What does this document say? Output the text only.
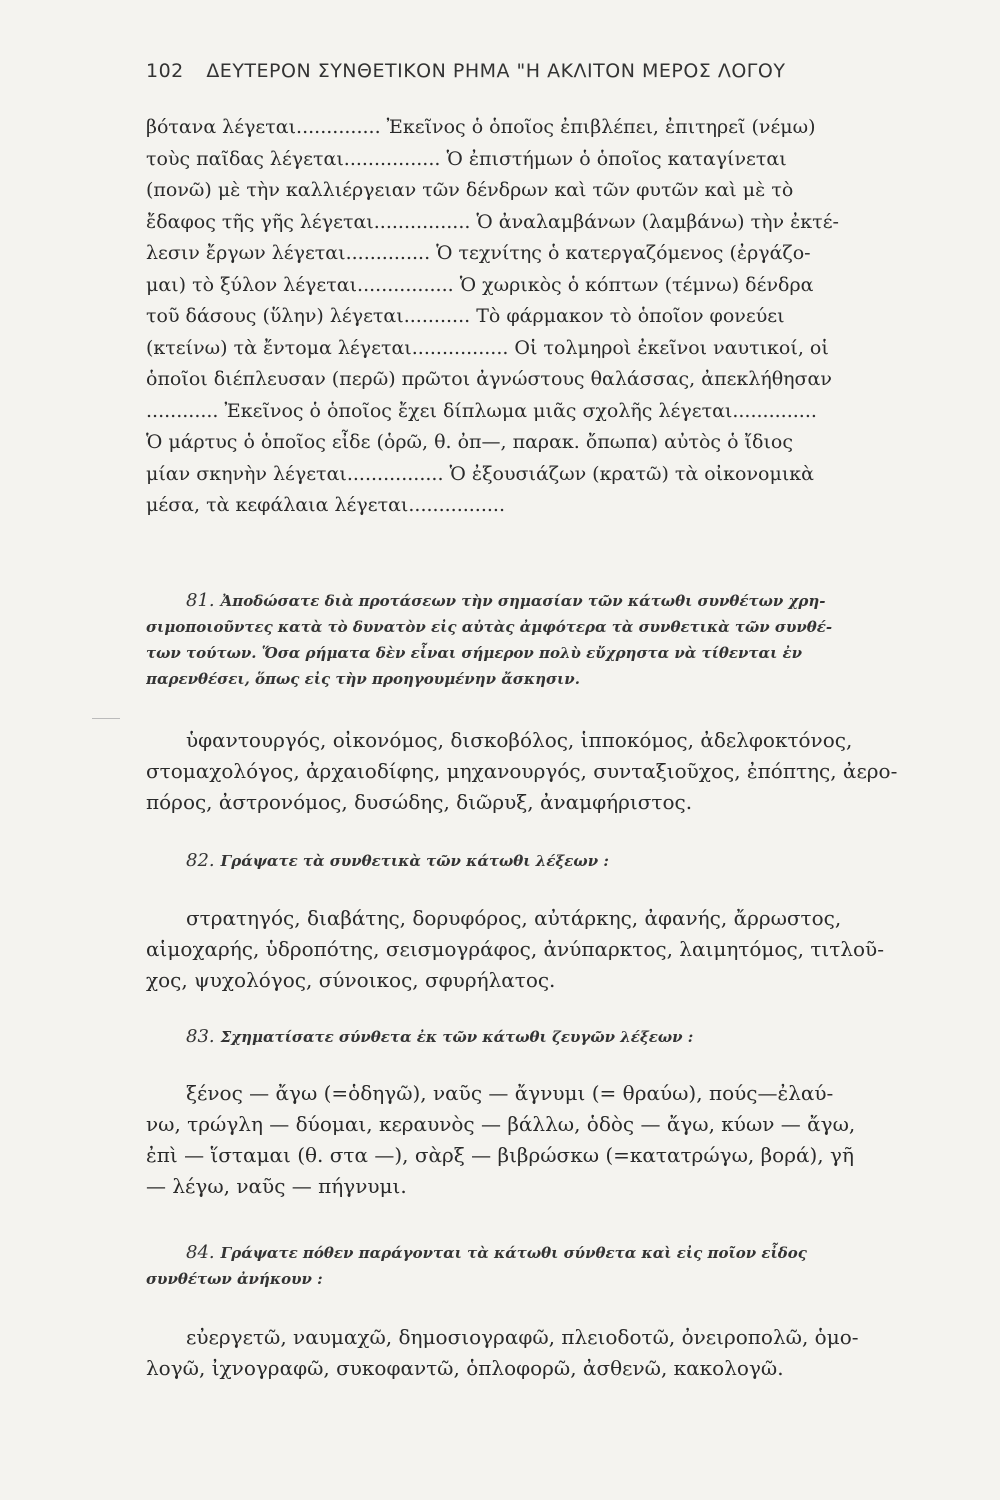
102 ΔΕΥΤΕΡΟΝ ΣΥΝΘΕΤΙΚΟΝ ΡΗΜΑ "Η ΑΚΛΙΤΟΝ ΜΕΡΟΣ ΛΟΓΟΥ
βότανα λέγεται.............. Ἐκεῖνος ὁ ὁποῖος ἐπιβλέπει, ἐπιτηρεῖ (νέμω)
τοὺς παῖδας λέγεται................ Ὁ ἐπιστήμων ὁ ὁποῖος καταγίνεται
(πονῶ) μὲ τὴν καλλιέργειαν τῶν δένδρων καὶ τῶν φυτῶν καὶ μὲ τὸ
ἔδαφος τῆς γῆς λέγεται................ Ὁ ἀναλαμβάνων (λαμβάνω) τὴν ἐκτέ-
λεσιν ἔργων λέγεται.............. Ὁ τεχνίτης ὁ κατεργαζόμενος (ἐργάζο-
μαι) τὸ ξύλον λέγεται................ Ὁ χωρικὸς ὁ κόπτων (τέμνω) δένδρα
τοῦ δάσους (ὕλην) λέγεται........... Τὸ φάρμακον τὸ ὁποῖον φονεύει
(κτείνω) τὰ ἔντομα λέγεται................ Οἱ τολμηροὶ ἐκεῖνοι ναυτικοί, οἱ
ὁποῖοι διέπλευσαν (περῶ) πρῶτοι ἀγνώστους θαλάσσας, ἀπεκλήθησαν
............ Ἐκεῖνος ὁ ὁποῖος ἔχει δίπλωμα μιᾶς σχολῆς λέγεται..............
Ὁ μάρτυς ὁ ὁποῖος εἶδε (ὁρῶ, θ. ὀπ—, παρακ. ὄπωπα) αὐτὸς ὁ ἴδιος
μίαν σκηνὴν λέγεται................ Ὁ ἐξουσιάζων (κρατῶ) τὰ οἰκονομικὰ
μέσα, τὰ κεφάλαια λέγεται................
81. Ἀποδώσατε διὰ προτάσεων τὴν σημασίαν τῶν κάτωθι συνθέτων χρη-
σιμοποιοῦντες κατὰ τὸ δυνατὸν εἰς αὐτὰς ἀμφότερα τὰ συνθετικὰ τῶν συνθέ-
των τούτων. Ὅσα ρήματα δὲν εἶναι σήμερον πολὺ εὔχρηστα νὰ τίθενται ἐν
παρενθέσει, ὅπως εἰς τὴν προηγουμένην ἄσκησιν.
ὑφαντουργός, οἰκονόμος, δισκοβόλος, ἱπποκόμος, ἀδελφοκτόνος,
στομαχολόγος, ἀρχαιοδίφης, μηχανουργός, συνταξιοῦχος, ἐπόπτης, ἀερο-
πόρος, ἀστρονόμος, δυσώδης, διῶρυξ, ἀναμφήριστος.
82. Γράψατε τὰ συνθετικὰ τῶν κάτωθι λέξεων :
στρατηγός, διαβάτης, δορυφόρος, αὐτάρκης, ἀφανής, ἄρρωστος,
αἱμοχαρής, ὑδροπότης, σεισμογράφος, ἀνύπαρκτος, λαιμητόμος, τιτλοῦ-
χος, ψυχολόγος, σύνοικος, σφυρήλατος.
83. Σχηματίσατε σύνθετα ἐκ τῶν κάτωθι ζευγῶν λέξεων :
ξένος — ἄγω (=ὁδηγῶ), ναῦς — ἄγνυμι (= θραύω), πούς—ἐλαύ-
νω, τρώγλη — δύομαι, κεραυνὸς — βάλλω, ὁδὸς — ἄγω, κύων — ἄγω,
ἐπὶ — ἵσταμαι (θ. στα —), σὰρξ — βιβρώσκω (=κατατρώγω, βορά), γῆ
— λέγω, ναῦς — πήγνυμι.
84. Γράψατε πόθεν παράγονται τὰ κάτωθι σύνθετα καὶ εἰς ποῖον εἶδος
συνθέτων ἀνήκουν :
εὐεργετῶ, ναυμαχῶ, δημοσιογραφῶ, πλειοδοτῶ, ὀνειροπολῶ, ὁμο-
λογῶ, ἰχνογραφῶ, συκοφαντῶ, ὁπλοφορῶ, ἀσθενῶ, κακολογῶ.
